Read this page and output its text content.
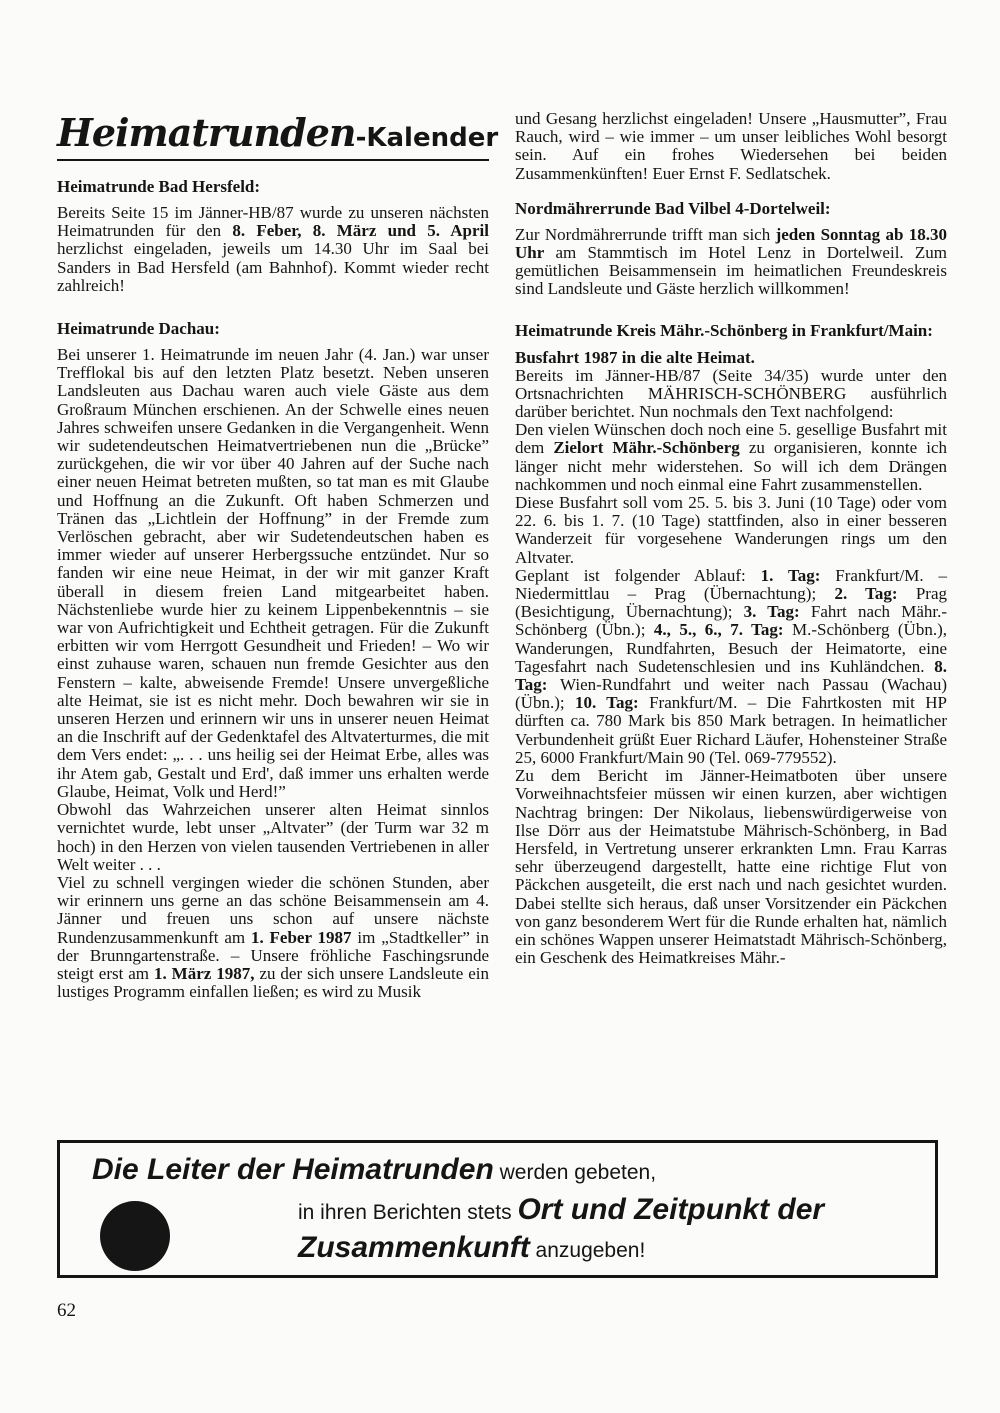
Heimatrunden-Kalender
Heimatrunde Bad Hersfeld:

Bereits Seite 15 im Jänner-HB/87 wurde zu unseren nächsten Heimatrunden für den 8. Feber, 8. März und 5. April herzlichst eingeladen, jeweils um 14.30 Uhr im Saal bei Sanders in Bad Hersfeld (am Bahnhof). Kommt wieder recht zahlreich!

Heimatrunde Dachau:

Bei unserer 1. Heimatrunde im neuen Jahr (4. Jan.) war unser Trefflokal bis auf den letzten Platz besetzt. Neben unseren Landsleuten aus Dachau waren auch viele Gäste aus dem Großraum München erschienen. An der Schwelle eines neuen Jahres schweifen unsere Gedanken in die Vergangenheit. Wenn wir sudetendeutschen Heimatvertriebenen nun die „Brücke” zurückgehen, die wir vor über 40 Jahren auf der Suche nach einer neuen Heimat betreten mußten, so tat man es mit Glaube und Hoffnung an die Zukunft. Oft haben Schmerzen und Tränen das „Lichtlein der Hoffnung” in der Fremde zum Verlöschen gebracht, aber wir Sudetendeutschen haben es immer wieder auf unserer Herbergssuche entzündet. Nur so fanden wir eine neue Heimat, in der wir mit ganzer Kraft überall in diesem freien Land mitgearbeitet haben. Nächstenliebe wurde hier zu keinem Lippenbekenntnis – sie war von Aufrichtigkeit und Echtheit getragen. Für die Zukunft erbitten wir vom Herrgott Gesundheit und Frieden! – Wo wir einst zuhause waren, schauen nun fremde Gesichter aus den Fenstern – kalte, abweisende Fremde! Unsere unvergeßliche alte Heimat, sie ist es nicht mehr. Doch bewahren wir sie in unseren Herzen und erinnern wir uns in unserer neuen Heimat an die Inschrift auf der Gedenktafel des Altvaterturmes, die mit dem Vers endet: „. . . uns heilig sei der Heimat Erbe, alles was ihr Atem gab, Gestalt und Erd', daß immer uns erhalten werde Glaube, Heimat, Volk und Herd!”

Obwohl das Wahrzeichen unserer alten Heimat sinnlos vernichtet wurde, lebt unser „Altvater” (der Turm war 32 m hoch) in den Herzen von vielen tausenden Vertriebenen in aller Welt weiter . . .

Viel zu schnell vergingen wieder die schönen Stunden, aber wir erinnern uns gerne an das schöne Beisammensein am 4. Jänner und freuen uns schon auf unsere nächste Rundenzusammenkunft am 1. Feber 1987 im „Stadtkeller” in der Brunngartenstraße. – Unsere fröhliche Faschingsrunde steigt erst am 1. März 1987, zu der sich unsere Landsleute ein lustiges Programm einfallen ließen; es wird zu Musik

und Gesang herzlichst eingeladen! Unsere „Hausmutter”, Frau Rauch, wird – wie immer – um unser leibliches Wohl besorgt sein. Auf ein frohes Wiedersehen bei beiden Zusammenkünften! Euer Ernst F. Sedlatschek.

Nordmährerrunde Bad Vilbel 4-Dortelweil:

Zur Nordmährerrunde trifft man sich jeden Sonntag ab 18.30 Uhr am Stammtisch im Hotel Lenz in Dortelweil. Zum gemütlichen Beisammensein im heimatlichen Freundeskreis sind Landsleute und Gäste herzlich willkommen!

Heimatrunde Kreis Mähr.-Schönberg in Frankfurt/Main:
Busfahrt 1987 in die alte Heimat.

Bereits im Jänner-HB/87 (Seite 34/35) wurde unter den Ortsnachrichten MÄHRISCH-SCHÖNBERG ausführlich darüber berichtet. Nun nochmals den Text nachfolgend:

Den vielen Wünschen doch noch eine 5. gesellige Busfahrt mit dem Zielort Mähr.-Schönberg zu organisieren, konnte ich länger nicht mehr widerstehen. So will ich dem Drängen nachkommen und noch einmal eine Fahrt zusammenstellen.

Diese Busfahrt soll vom 25. 5. bis 3. Juni (10 Tage) oder vom 22. 6. bis 1. 7. (10 Tage) stattfinden, also in einer besseren Wanderzeit für vorgesehene Wanderungen rings um den Altvater.

Geplant ist folgender Ablauf: 1. Tag: Frankfurt/M. – Niedermittlau – Prag (Übernachtung); 2. Tag: Prag (Besichtigung, Übernachtung); 3. Tag: Fahrt nach Mähr.-Schönberg (Übn.); 4., 5., 6., 7. Tag: M.-Schönberg (Übn.), Wanderungen, Rundfahrten, Besuch der Heimatorte, eine Tagesfahrt nach Sudetenschlesien und ins Kuhländchen. 8. Tag: Wien-Rundfahrt und weiter nach Passau (Wachau) (Übn.); 10. Tag: Frankfurt/M. – Die Fahrtkosten mit HP dürften ca. 780 Mark bis 850 Mark betragen. In heimatlicher Verbundenheit grüßt Euer Richard Läufer, Hohensteiner Straße 25, 6000 Frankfurt/Main 90 (Tel. 069-779552).

Zu dem Bericht im Jänner-Heimatboten über unsere Vorweihnachtsfeier müssen wir einen kurzen, aber wichtigen Nachtrag bringen: Der Nikolaus, liebenswürdigerweise von Ilse Dörr aus der Heimatstube Mährisch-Schönberg, in Bad Hersfeld, in Vertretung unserer erkrankten Lmn. Frau Karras sehr überzeugend dargestellt, hatte eine richtige Flut von Päckchen ausgeteilt, die erst nach und nach gesichtet wurden. Dabei stellte sich heraus, daß unser Vorsitzender ein Päckchen von ganz besonderem Wert für die Runde erhalten hat, nämlich ein schönes Wappen unserer Heimatstadt Mährisch-Schönberg, ein Geschenk des Heimatkreises Mähr.-

Die Leiter der Heimatrunden werden gebeten,
in ihren Berichten stets Ort und Zeitpunkt der
Zusammenkunft anzugeben!
62
